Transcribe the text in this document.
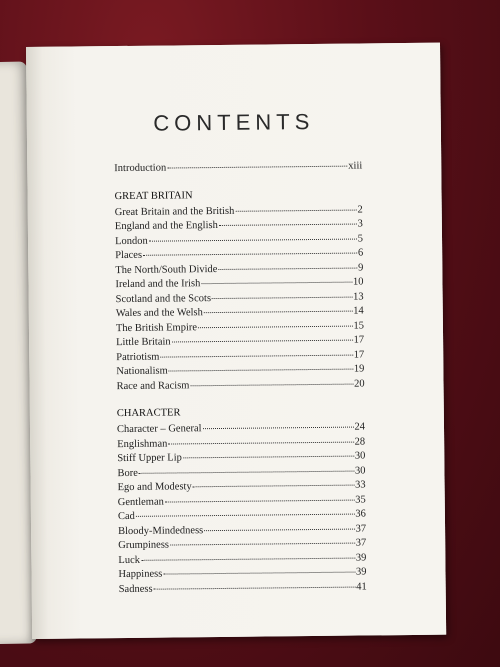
CONTENTS
Introduction	xiii
GREAT BRITAIN
Great Britain and the British	2
England and the English	3
London	5
Places	6
The North/South Divide	9
Ireland and the Irish	10
Scotland and the Scots	13
Wales and the Welsh	14
The British Empire	15
Little Britain	17
Patriotism	17
Nationalism	19
Race and Racism	20
CHARACTER
Character – General	24
Englishman	28
Stiff Upper Lip	30
Bore	30
Ego and Modesty	33
Gentleman	35
Cad	36
Bloody-Mindedness	37
Grumpiness	37
Luck	39
Happiness	39
Sadness	41
